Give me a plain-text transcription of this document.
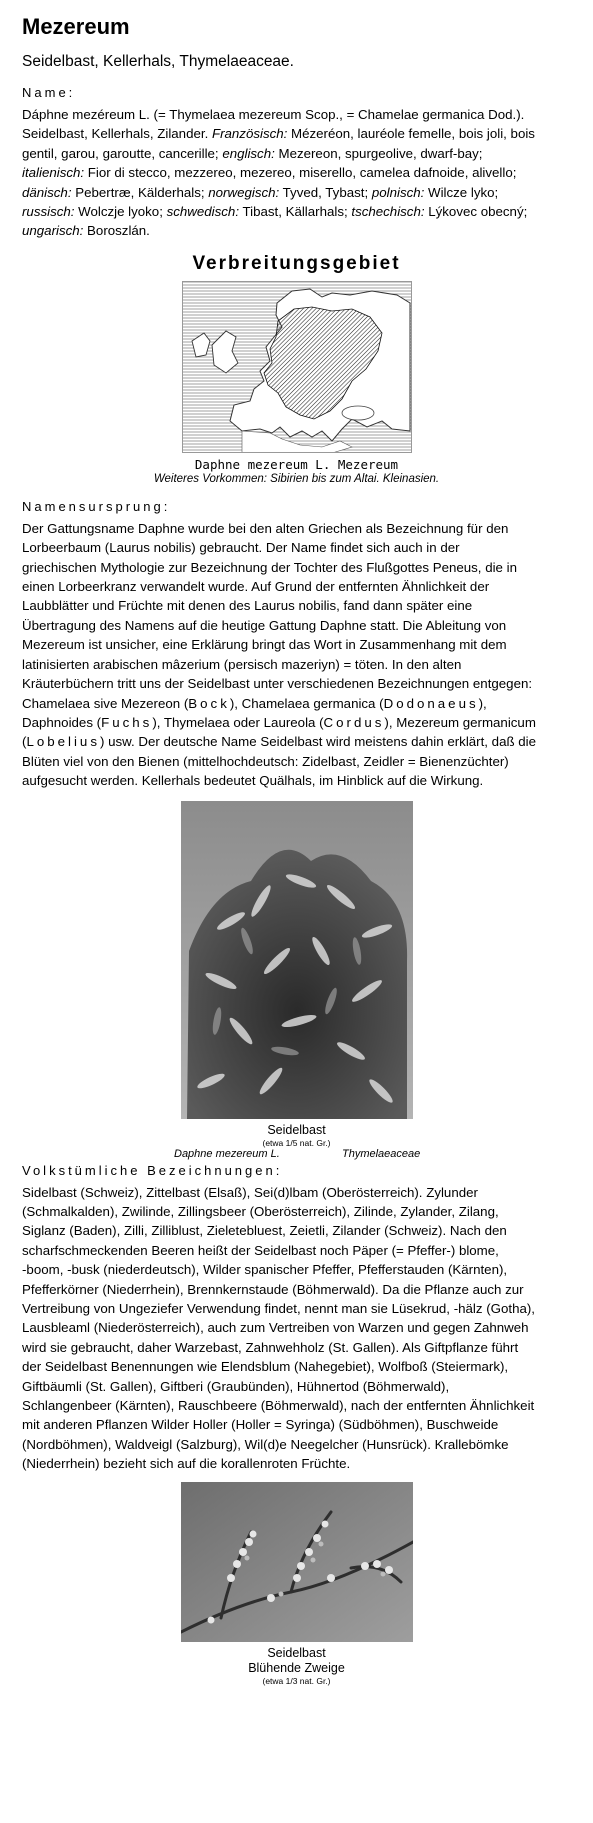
Mezereum
Seidelbast, Kellerhals, Thymelaeaceae.
Name:
Dáphne mezéreum L. (= Thymelaea mezereum Scop., = Chamelae germanica Dod.).
Seidelbast, Kellerhals, Zilander. Französisch: Mézeréon, lauréole femelle, bois joli, bois
gentil, garou, garoutte, cancerille; englisch: Mezereon, spurgeolive, dwarf-bay;
italienisch: Fior di stecco, mezzereo, mezereo, miserello, camelea dafnoide, alivello;
dänisch: Pebertræ, Kälderhals; norwegisch: Tyved, Tybast; polnisch: Wilcze lyko;
russisch: Wolczje lyoko; schwedisch: Tibast, Källarhals; tschechisch: Lýkovec obecný;
ungarisch: Boroszlán.
Verbreitungsgebiet
Daphne mezereum L. Mezereum
Weiteres Vorkommen: Sibirien bis zum Altai. Kleinasien.
Namensursprung:
Der Gattungsname Daphne wurde bei den alten Griechen als Bezeichnung für den
Lorbeerbaum (Laurus nobilis) gebraucht. Der Name findet sich auch in der
griechischen Mythologie zur Bezeichnung der Tochter des Flußgottes Peneus, die in
einen Lorbeerkranz verwandelt wurde. Auf Grund der entfernten Ähnlichkeit der
Laubblätter und Früchte mit denen des Laurus nobilis, fand dann später eine
Übertragung des Namens auf die heutige Gattung Daphne statt. Die Ableitung von
Mezereum ist unsicher, eine Erklärung bringt das Wort in Zusammenhang mit dem
latinisierten arabischen mâzerium (persisch mazeriyn) = töten. In den alten
Kräuterbüchern tritt uns der Seidelbast unter verschiedenen Bezeichnungen entgegen:
Chamelaea sive Mezereon (Bock), Chamelaea germanica (Dodonaeus),
Daphnoides (Fuchs), Thymelaea oder Laureola (Cordus), Mezereum germanicum
(Lobelius) usw. Der deutsche Name Seidelbast wird meistens dahin erklärt, daß die
Blüten viel von den Bienen (mittelhochdeutsch: Zidelbast, Zeidler = Bienenzüchter)
aufgesucht werden. Kellerhals bedeutet Quälhals, im Hinblick auf die Wirkung.
Seidelbast
(etwa 1/5 nat. Gr.)
Daphne mezereum L.	Thymelaeaceae
Volkstümliche Bezeichnungen:
Sidelbast (Schweiz), Zittelbast (Elsaß), Sei(d)lbam (Oberösterreich). Zylunder
(Schmalkalden), Zwilinde, Zillingsbeer (Oberösterreich), Zilinde, Zylander, Zilang,
Siglanz (Baden), Zilli, Zilliblust, Zieletebluest, Zeietli, Zilander (Schweiz). Nach den
scharfschmeckenden Beeren heißt der Seidelbast noch Päper (= Pfeffer-) blome,
-boom, -busk (niederdeutsch), Wilder spanischer Pfeffer, Pfefferstauden (Kärnten),
Pfefferkörner (Niederrhein), Brennkernstaude (Böhmerwald). Da die Pflanze auch zur
Vertreibung von Ungeziefer Verwendung findet, nennt man sie Lüsekrud, -hälz (Gotha),
Lausbleaml (Niederösterreich), auch zum Vertreiben von Warzen und gegen Zahnweh
wird sie gebraucht, daher Warzebast, Zahnwehholz (St. Gallen). Als Giftpflanze führt
der Seidelbast Benennungen wie Elendsblum (Nahegebiet), Wolfboß (Steiermark),
Giftbäumli (St. Gallen), Giftberi (Graubünden), Hühnertod (Böhmerwald),
Schlangenbeer (Kärnten), Rauschbeere (Böhmerwald), nach der entfernten Ähnlichkeit
mit anderen Pflanzen Wilder Holler (Holler = Syringa) (Südböhmen), Buschweide
(Nordböhmen), Waldveigl (Salzburg), Wil(d)e Neegelcher (Hunsrück). Krallebömke
(Niederrhein) bezieht sich auf die korallenroten Früchte.
Seidelbast
Blühende Zweige
(etwa 1/3 nat. Gr.)
